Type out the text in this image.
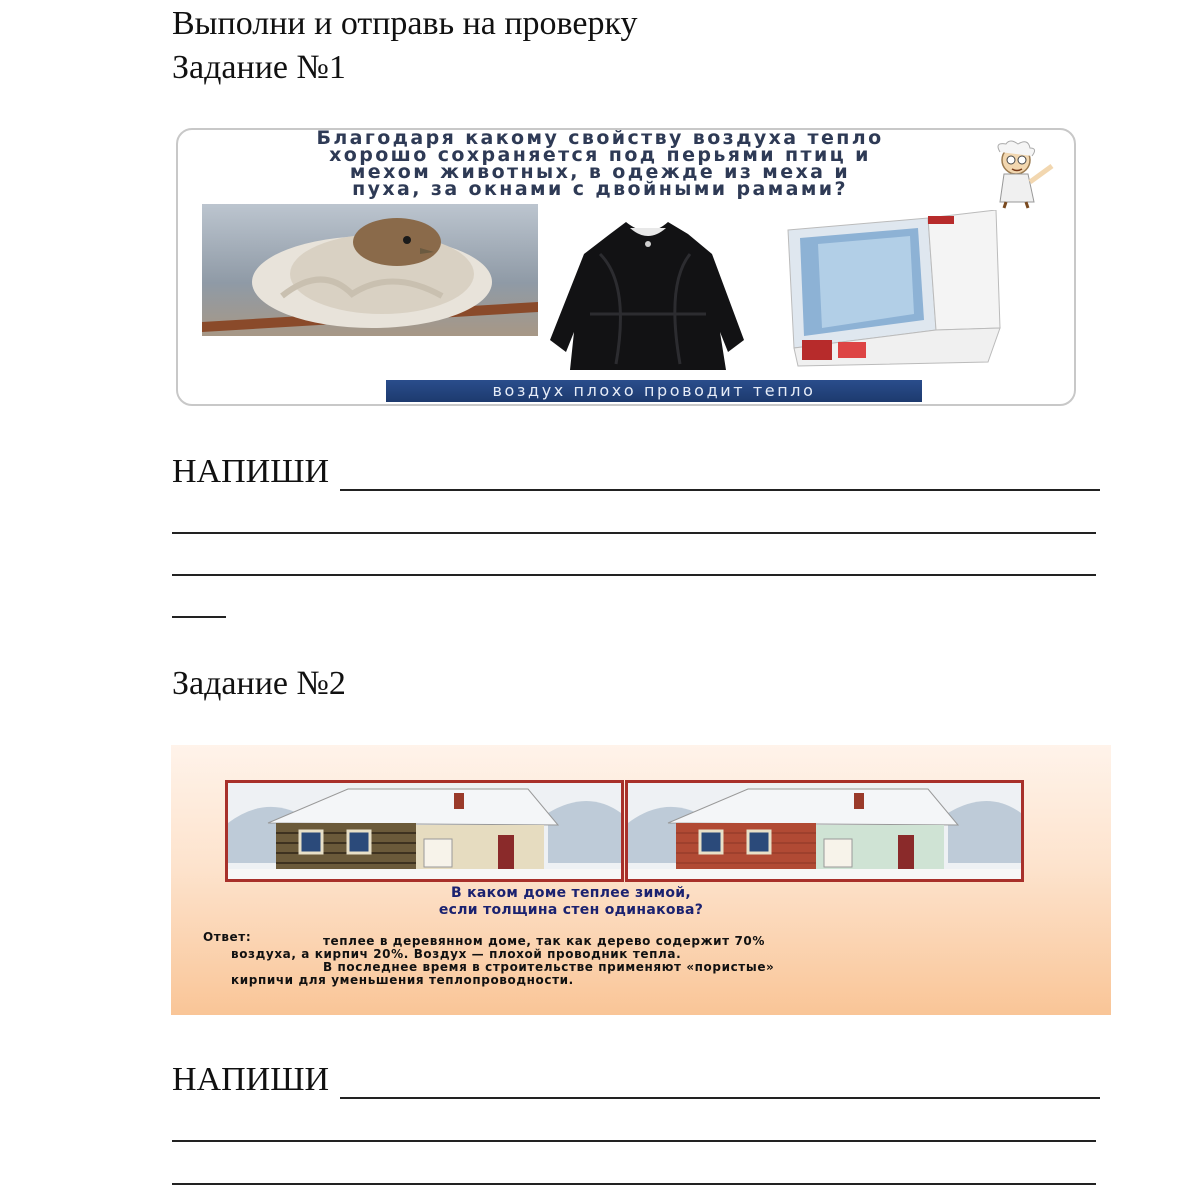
Выполни и отправь на проверку
Задание №1
Благодаря какому свойству воздуха тепло
хорошо сохраняется под перьями птиц и
мехом животных, в одежде из меха и
пуха, за окнами с двойными рамами?
воздух плохо проводит тепло
НАПИШИ
Задание №2
В каком доме теплее зимой,
если толщина стен одинакова?
Ответ:	теплее в деревянном доме, так как дерево содержит 70%
воздуха, а кирпич 20%. Воздух — плохой проводник тепла.
В последнее время в строительстве применяют «пористые»
кирпичи для уменьшения теплопроводности.
НАПИШИ
